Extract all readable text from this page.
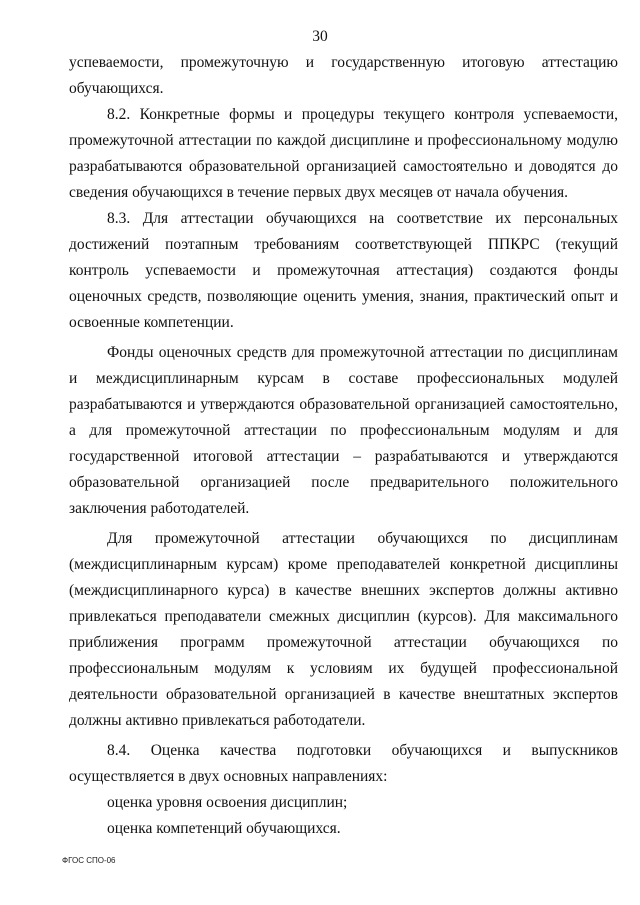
30

успеваемости, промежуточную и государственную итоговую аттестацию обучающихся.

8.2. Конкретные формы и процедуры текущего контроля успеваемости, промежуточной аттестации по каждой дисциплине и профессиональному модулю разрабатываются образовательной организацией самостоятельно и доводятся до сведения обучающихся в течение первых двух месяцев от начала обучения.

8.3. Для аттестации обучающихся на соответствие их персональных достижений поэтапным требованиям соответствующей ППКРС (текущий контроль успеваемости и промежуточная аттестация) создаются фонды оценочных средств, позволяющие оценить умения, знания, практический опыт и освоенные компетенции.

Фонды оценочных средств для промежуточной аттестации по дисциплинам и междисциплинарным курсам в составе профессиональных модулей разрабатываются и утверждаются образовательной организацией самостоятельно, а для промежуточной аттестации по профессиональным модулям и для государственной итоговой аттестации – разрабатываются и утверждаются образовательной организацией после предварительного положительного заключения работодателей.

Для промежуточной аттестации обучающихся по дисциплинам (междисциплинарным курсам) кроме преподавателей конкретной дисциплины (междисциплинарного курса) в качестве внешних экспертов должны активно привлекаться преподаватели смежных дисциплин (курсов). Для максимального приближения программ промежуточной аттестации обучающихся по профессиональным модулям к условиям их будущей профессиональной деятельности образовательной организацией в качестве внештатных экспертов должны активно привлекаться работодатели.

8.4. Оценка качества подготовки обучающихся и выпускников осуществляется в двух основных направлениях:

оценка уровня освоения дисциплин;

оценка компетенций обучающихся.

ФГОС СПО-06
